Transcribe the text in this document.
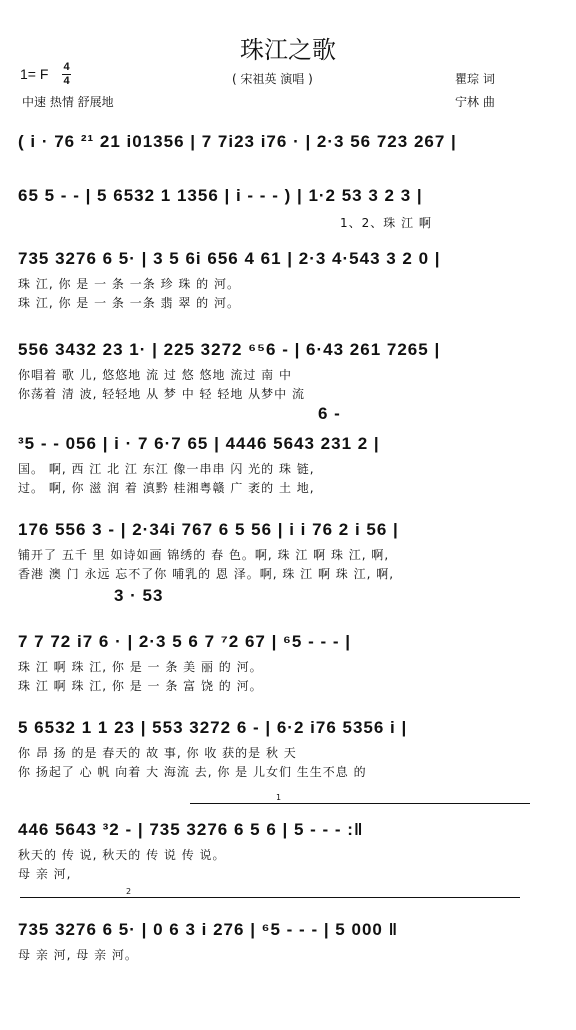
珠江之歌
1= F 4
4	( 宋祖英 演唱 )	瞿琮 词
宁林 曲
中速 热情 舒展地
( i · 76 ²¹ 21 i01356 | 7 7i23 i76 · | 2·3 56 723 267 |
65 5 - - | 5 6532 1 1356 | i - - - ) | 1·2 53 3 2 3 |
1、2、珠 江 啊
735 3276 6 5· | 3 5 6i 656 4 61 | 2·3 4·543 3 2 0 |
珠 江, 你 是 一 条 一条 珍 珠 的 河。
珠 江, 你 是 一 条 一条 翡 翠 的 河。
556 3432 23 1· | 225 3272 ⁶⁵6 - | 6·43 261 7265 |
你唱着 歌 儿, 悠悠地 流 过 悠 悠地 流过 南 中
你荡着 清 波, 轻轻地 从 梦 中 轻 轻地 从梦中 流
6 -
³5 - - 056 | i · 7 6·7 65 | 4446 5643 231 2 |
国。 啊, 西 江 北 江 东江 像一串串 闪 光的 珠 链,
过。 啊, 你 滋 润 着 滇黔 桂湘粤赣 广 袤的 土 地,
176 556 3 - | 2·34i 767 6 5 56 | i i 76 2 i 56 |
铺开了 五千 里 如诗如画 锦绣的 春 色。啊, 珠 江 啊 珠 江, 啊,
香港 澳 门 永远 忘不了你 哺乳的 恩 泽。啊, 珠 江 啊 珠 江, 啊,
3 · 53
7 7 72 i7 6 · | 2·3 5 6 7 ⁷2 67 | ⁶5 - - - |
珠 江 啊 珠 江, 你 是 一 条 美 丽 的 河。
珠 江 啊 珠 江, 你 是 一 条 富 饶 的 河。
5 6532 1 1 23 | 553 3272 6 - | 6·2 i76 5356 i |
你 昂 扬 的是 春天的 故 事, 你 收 获的是 秋 天
你 扬起了 心 帆 向着 大 海流 去, 你 是 儿女们 生生不息 的
1
446 5643 ³2 - | 735 3276 6 5 6 | 5 - - - :‖
秋天的 传 说, 秋天的 传 说 传 说。
母 亲 河,
2
735 3276 6 5· | 0 6 3 i 276 | ⁶5 - - - | 5 000 ‖
母 亲 河, 母 亲 河。
